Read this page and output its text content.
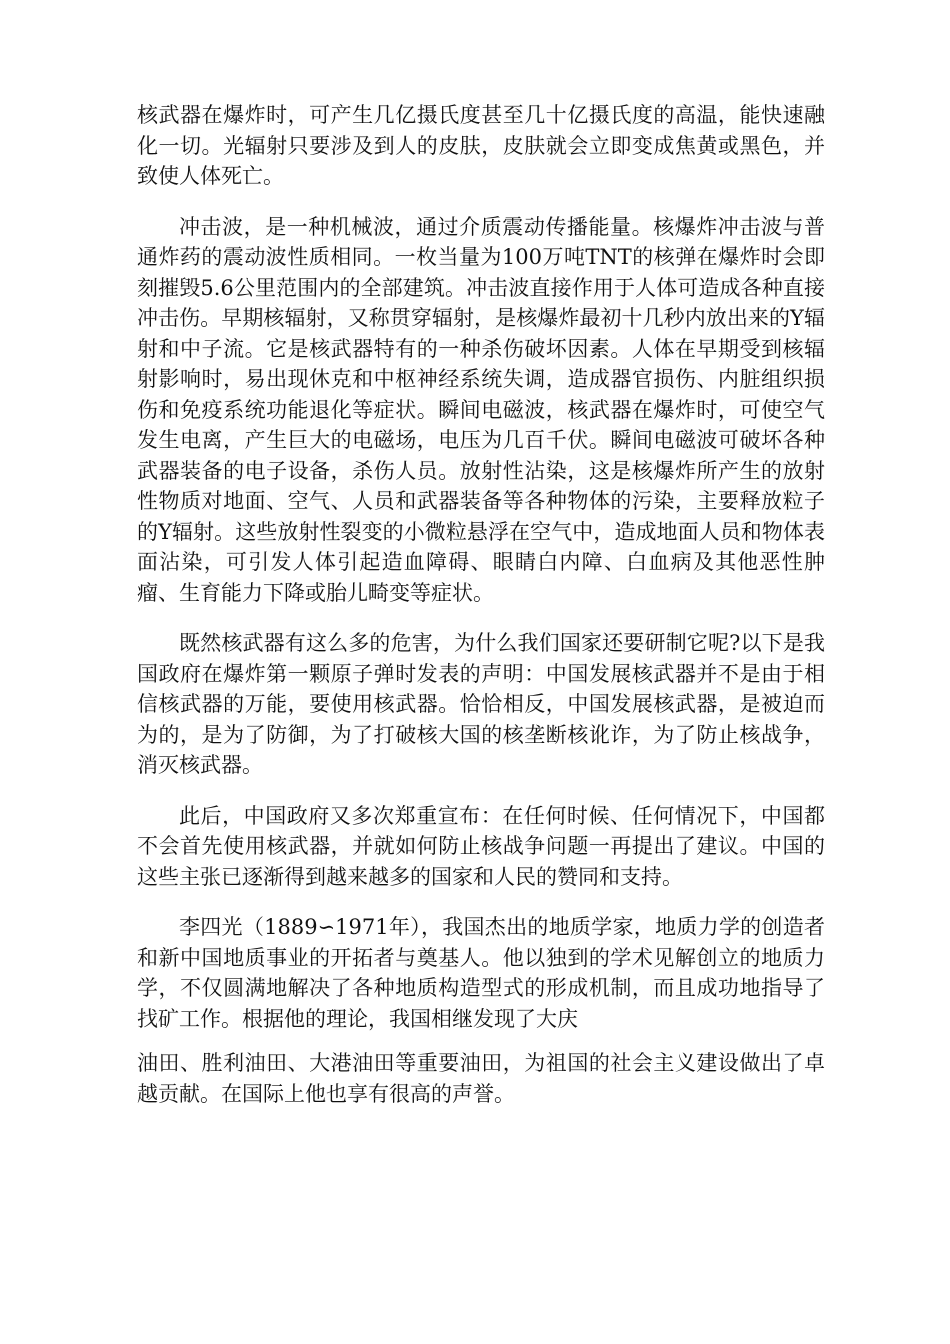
核武器在爆炸时，可产生几亿摄氏度甚至几十亿摄氏度的高温，能快速融化一切。光辐射只要涉及到人的皮肤，皮肤就会立即变成焦黄或黑色，并致使人体死亡。

冲击波，是一种机械波，通过介质震动传播能量。核爆炸冲击波与普通炸药的震动波性质相同。一枚当量为100万吨TNT的核弹在爆炸时会即刻摧毁5.6公里范围内的全部建筑。冲击波直接作用于人体可造成各种直接冲击伤。早期核辐射，又称贯穿辐射，是核爆炸最初十几秒内放出来的Y辐射和中子流。它是核武器特有的一种杀伤破坏因素。人体在早期受到核辐射影响时，易出现休克和中枢神经系统失调，造成器官损伤、内脏组织损伤和免疫系统功能退化等症状。瞬间电磁波，核武器在爆炸时，可使空气发生电离，产生巨大的电磁场，电压为几百千伏。瞬间电磁波可破坏各种武器装备的电子设备，杀伤人员。放射性沾染，这是核爆炸所产生的放射性物质对地面、空气、人员和武器装备等各种物体的污染，主要释放粒子的Y辐射。这些放射性裂变的小微粒悬浮在空气中，造成地面人员和物体表面沾染，可引发人体引起造血障碍、眼睛白内障、白血病及其他恶性肿瘤、生育能力下降或胎儿畸变等症状。

既然核武器有这么多的危害，为什么我们国家还要研制它呢?以下是我国政府在爆炸第一颗原子弹时发表的声明：中国发展核武器并不是由于相信核武器的万能，要使用核武器。恰恰相反，中国发展核武器，是被迫而为的，是为了防御，为了打破核大国的核垄断核讹诈，为了防止核战争，消灭核武器。

此后，中国政府又多次郑重宣布：在任何时候、任何情况下，中国都不会首先使用核武器，并就如何防止核战争问题一再提出了建议。中国的这些主张已逐渐得到越来越多的国家和人民的赞同和支持。

李四光（1889∽1971年），我国杰出的地质学家，地质力学的创造者和新中国地质事业的开拓者与奠基人。他以独到的学术见解创立的地质力学，不仅圆满地解决了各种地质构造型式的形成机制，而且成功地指导了找矿工作。根据他的理论，我国相继发现了大庆

油田、胜利油田、大港油田等重要油田，为祖国的社会主义建设做出了卓越贡献。在国际上他也享有很高的声誉。
